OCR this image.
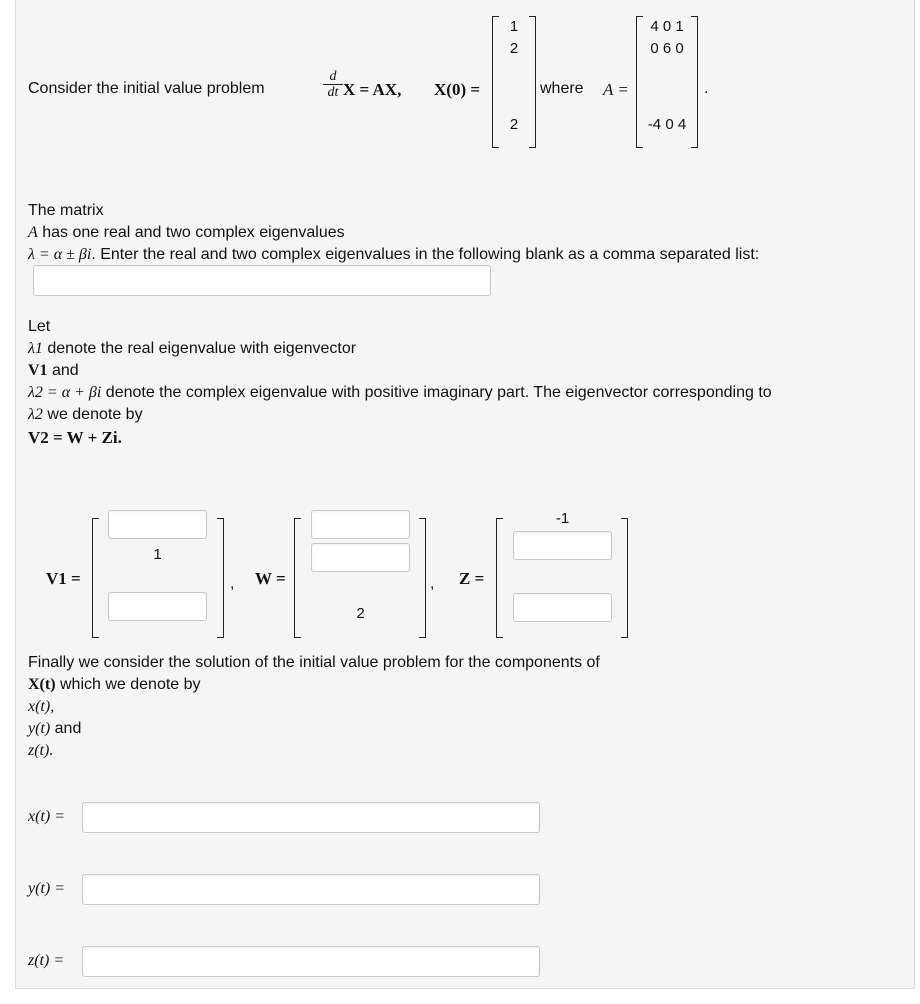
Consider the initial value problem
d
dt X = AX, X(0) =
1
2
2
where A =
4 0 1
0 6 0
-4 0 4
.
The matrix
A has one real and two complex eigenvalues
λ = α ± βi. Enter the real and two complex eigenvalues in the following blank as a comma separated list:
Let
λ1 denote the real eigenvalue with eigenvector
V1 and
λ2 = α + βi denote the complex eigenvalue with positive imaginary part. The eigenvector corresponding to
λ2 we denote by
V2 = W + Zi.
V1 =
1
, W =
2
, Z =
-1
Finally we consider the solution of the initial value problem for the components of
X(t) which we denote by
x(t),
y(t) and
z(t).
x(t) =
y(t) =
z(t) =
